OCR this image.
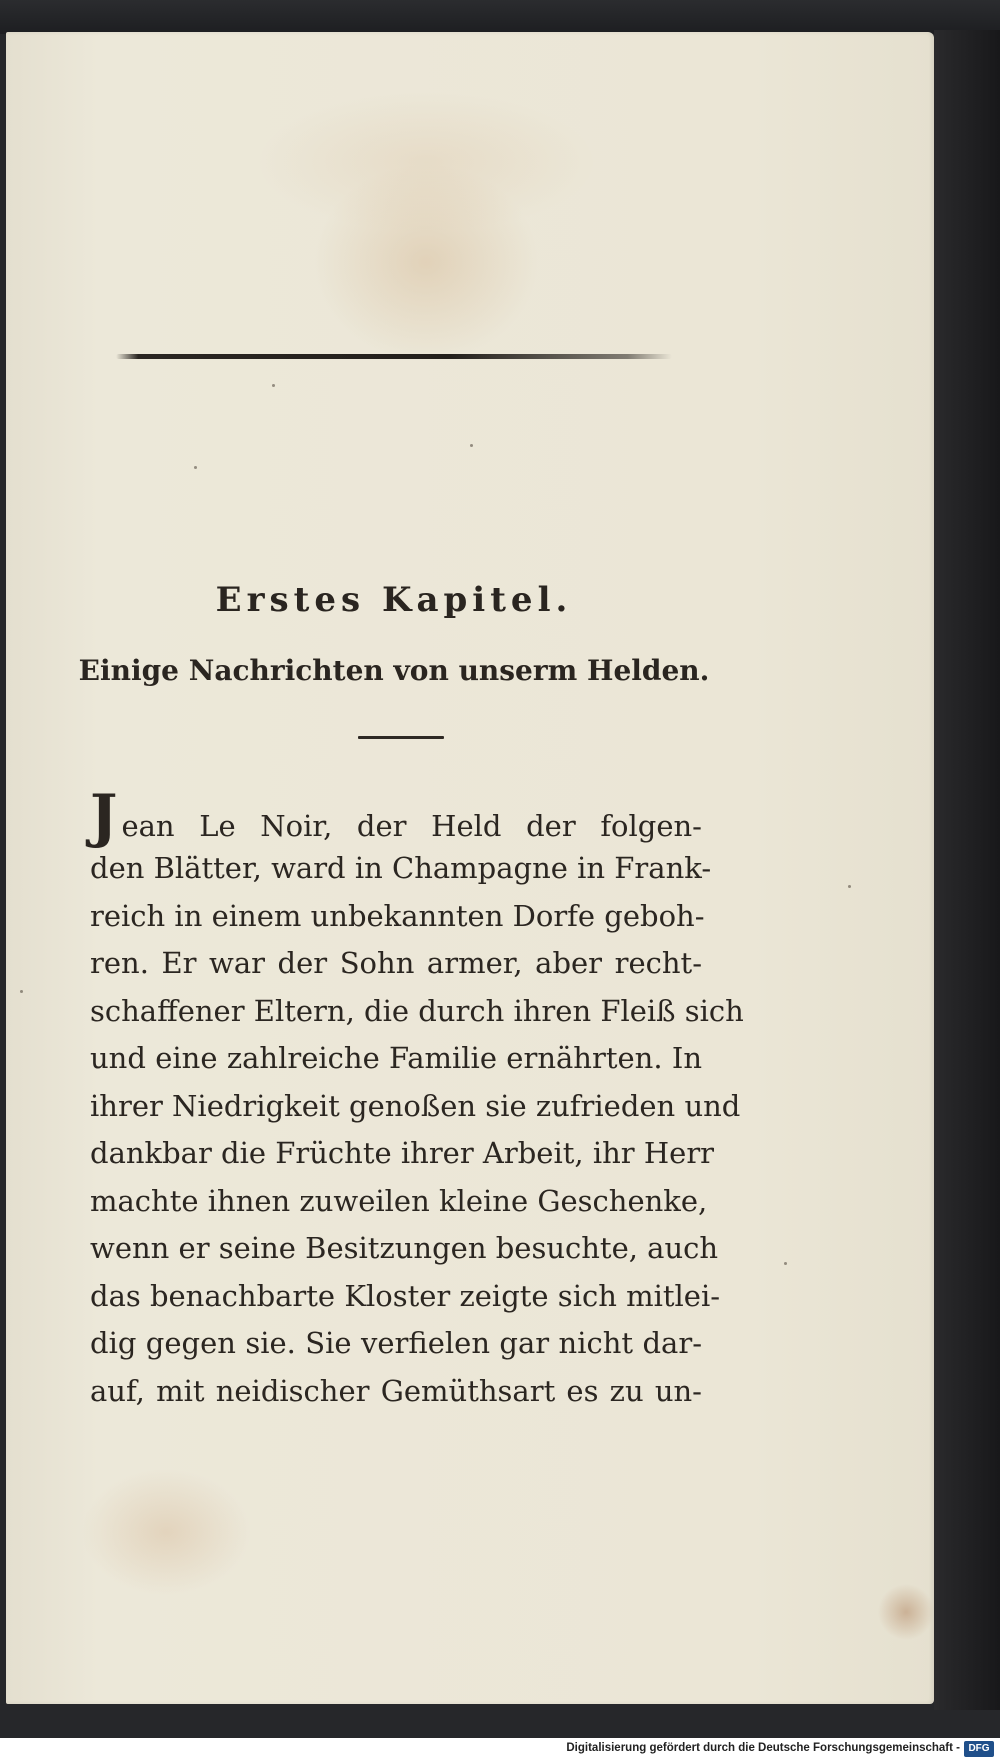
Erstes Kapitel.
Einige Nachrichten von unserm Helden.
J ean Le Noir, der Held der folgen-
den Blätter, ward in Champagne in Frank-
reich in einem unbekannten Dorfe geboh-
ren. Er war der Sohn armer, aber recht-
schaffener Eltern, die durch ihren Fleiß sich
und eine zahlreiche Familie ernährten. In
ihrer Niedrigkeit genoßen sie zufrieden und
dankbar die Früchte ihrer Arbeit, ihr Herr
machte ihnen zuweilen kleine Geschenke,
wenn er seine Besitzungen besuchte, auch
das benachbarte Kloster zeigte sich mitlei-
dig gegen sie. Sie verfielen gar nicht dar-
auf, mit neidischer Gemüthsart es zu un-
Digitalisierung gefördert durch die Deutsche Forschungsgemeinschaft - DFG
